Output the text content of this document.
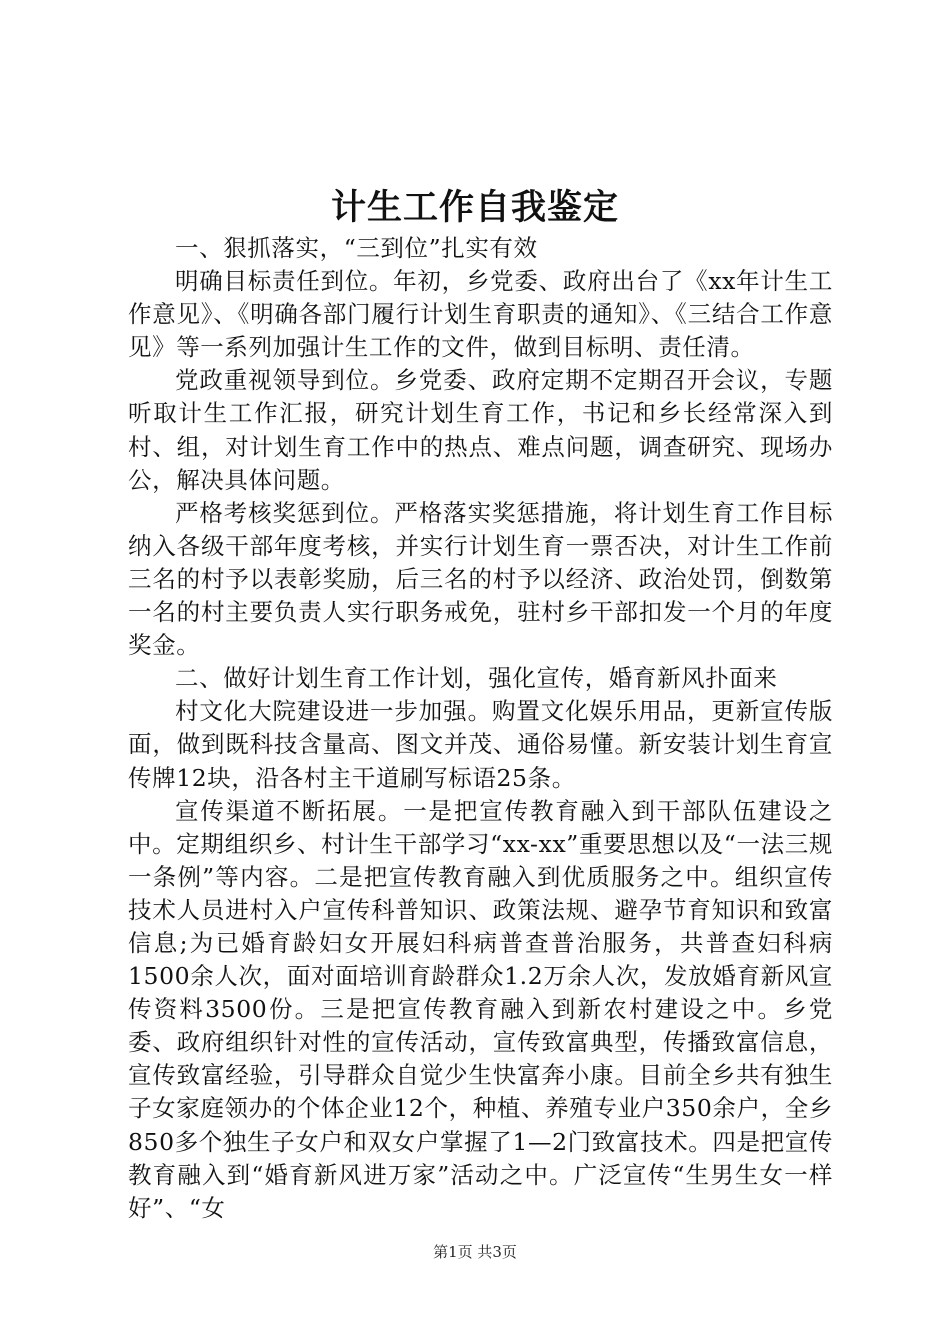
计生工作自我鉴定

一、狠抓落实，“三到位”扎实有效

明确目标责任到位。年初，乡党委、政府出台了《xx年计生工作意见》、《明确各部门履行计划生育职责的通知》、《三结合工作意见》等一系列加强计生工作的文件，做到目标明、责任清。

党政重视领导到位。乡党委、政府定期不定期召开会议，专题听取计生工作汇报，研究计划生育工作，书记和乡长经常深入到村、组，对计划生育工作中的热点、难点问题，调查研究、现场办公，解决具体问题。

严格考核奖惩到位。严格落实奖惩措施，将计划生育工作目标纳入各级干部年度考核，并实行计划生育一票否决，对计生工作前三名的村予以表彰奖励，后三名的村予以经济、政治处罚，倒数第一名的村主要负责人实行职务戒免，驻村乡干部扣发一个月的年度奖金。

二、做好计划生育工作计划，强化宣传，婚育新风扑面来

村文化大院建设进一步加强。购置文化娱乐用品，更新宣传版面，做到既科技含量高、图文并茂、通俗易懂。新安装计划生育宣传牌12块，沿各村主干道刷写标语25条。

宣传渠道不断拓展。一是把宣传教育融入到干部队伍建设之中。定期组织乡、村计生干部学习“xx-xx”重要思想以及“一法三规一条例”等内容。二是把宣传教育融入到优质服务之中。组织宣传技术人员进村入户宣传科普知识、政策法规、避孕节育知识和致富信息;为已婚育龄妇女开展妇科病普查普治服务，共普查妇科病1500余人次，面对面培训育龄群众1.2万余人次，发放婚育新风宣传资料3500份。三是把宣传教育融入到新农村建设之中。乡党委、政府组织针对性的宣传活动，宣传致富典型，传播致富信息，宣传致富经验，引导群众自觉少生快富奔小康。目前全乡共有独生子女家庭领办的个体企业12个，种植、养殖专业户350余户，全乡850多个独生子女户和双女户掌握了1—2门致富技术。四是把宣传教育融入到“婚育新风进万家”活动之中。广泛宣传“生男生女一样好”、“女

第1页 共3页
